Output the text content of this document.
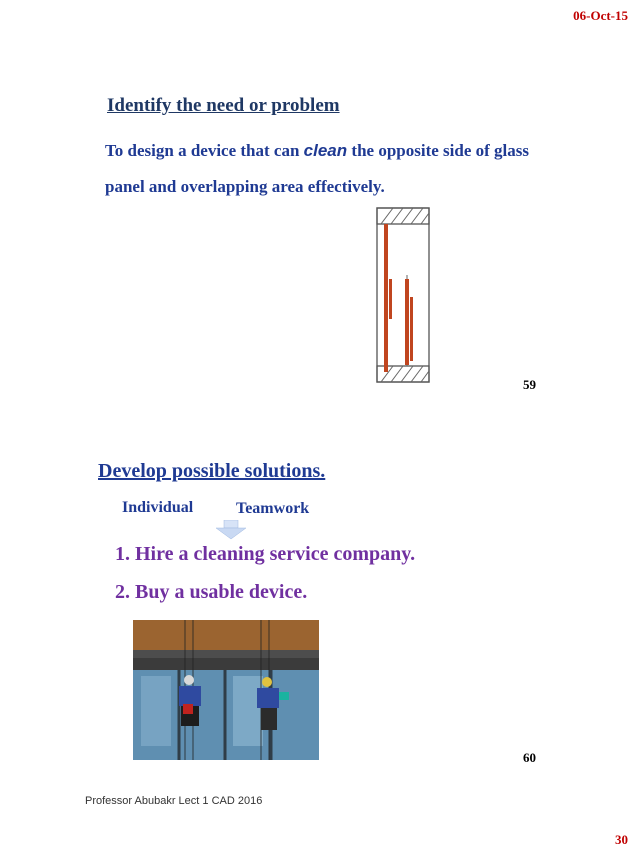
06-Oct-15
Identify the need or problem
To design a device that can clean the opposite side of glass panel and overlapping area effectively.
59
Develop possible solutions.
Individual	Teamwork
1. Hire a cleaning service company.
2. Buy a usable device.
60
Professor Abubakr Lect 1 CAD 2016
30
